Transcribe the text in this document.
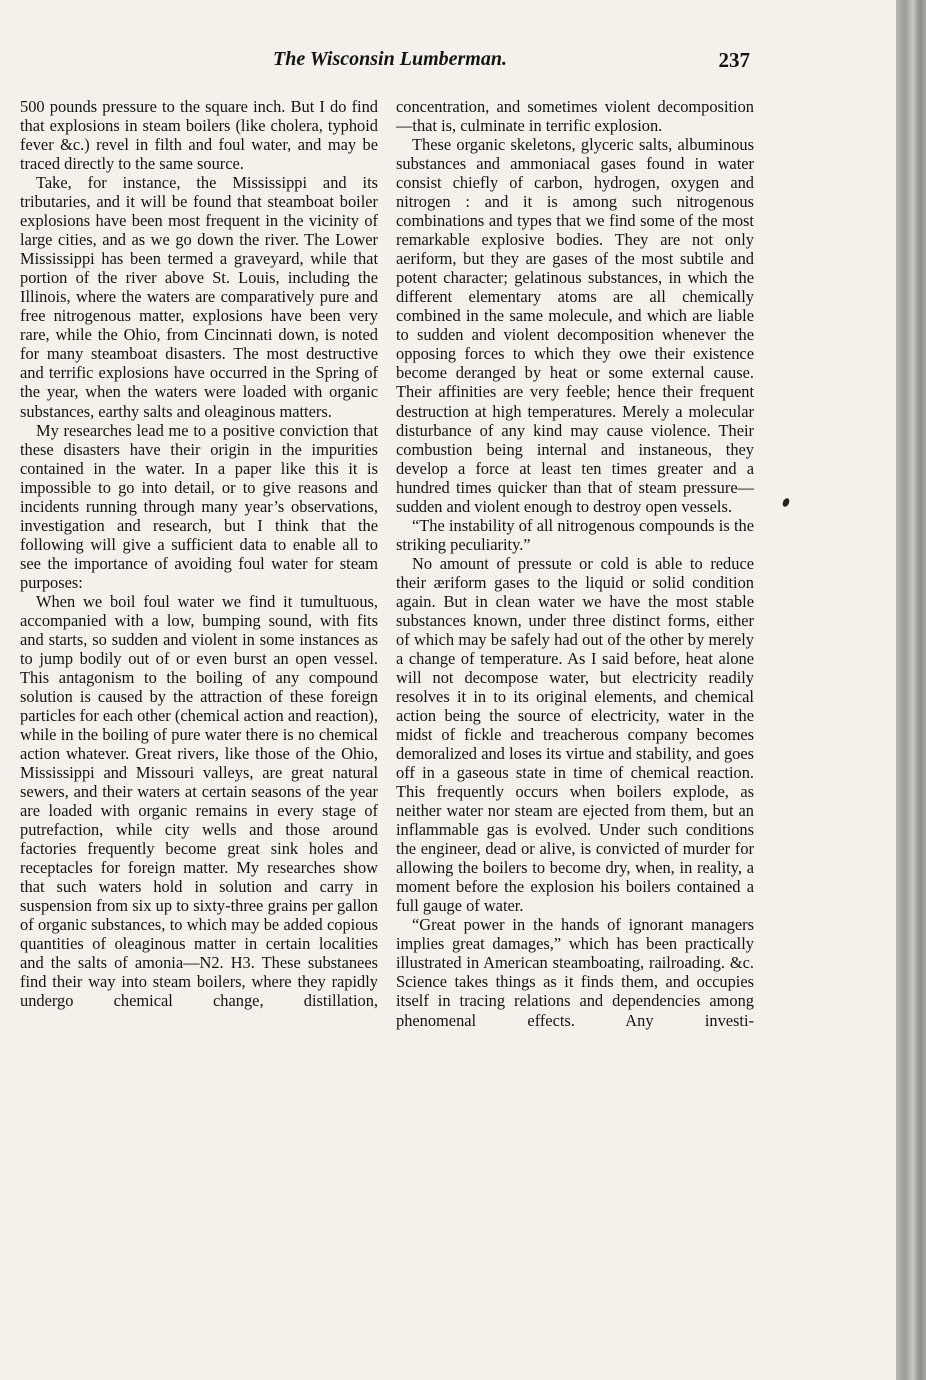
The Wisconsin Lumberman.	237

500 pounds pressure to the square inch. But I do find that explosions in steam boilers (like cholera, typhoid fever &c.) revel in filth and foul water, and may be traced directly to the same source.

Take, for instance, the Mississippi and its tributaries, and it will be found that steamboat boiler explosions have been most frequent in the vicinity of large cities, and as we go down the river. The Lower Mississippi has been termed a graveyard, while that portion of the river above St. Louis, including the Illinois, where the waters are comparatively pure and free nitrogenous matter, explosions have been very rare, while the Ohio, from Cincinnati down, is noted for many steamboat disasters. The most destructive and terrific explosions have occurred in the Spring of the year, when the waters were loaded with organic substances, earthy salts and oleaginous matters.

My researches lead me to a positive conviction that these disasters have their origin in the impurities contained in the water. In a paper like this it is impossible to go into detail, or to give reasons and incidents running through many year’s observations, investigation and research, but I think that the following will give a sufficient data to enable all to see the importance of avoiding foul water for steam purposes:

When we boil foul water we find it tumultuous, accompanied with a low, bumping sound, with fits and starts, so sudden and violent in some instances as to jump bodily out of or even burst an open vessel. This antagonism to the boiling of any compound solution is caused by the attraction of these foreign particles for each other (chemical action and reaction), while in the boiling of pure water there is no chemical action whatever. Great rivers, like those of the Ohio, Mississippi and Missouri valleys, are great natural sewers, and their waters at certain seasons of the year are loaded with organic remains in every stage of putrefaction, while city wells and those around factories frequently become great sink holes and receptacles for foreign matter. My researches show that such waters hold in solution and carry in suspension from six up to sixty-three grains per gallon of organic substances, to which may be added copious quantities of oleaginous matter in certain localities and the salts of amonia—N2. H3. These substanees find their way into steam boilers, where they rapidly undergo chemical change, distillation,

concentration, and sometimes violent decomposition—that is, culminate in terrific explosion.

These organic skeletons, glyceric salts, albuminous substances and ammoniacal gases found in water consist chiefly of carbon, hydrogen, oxygen and nitrogen : and it is among such nitrogenous combinations and types that we find some of the most remarkable explosive bodies. They are not only aeriform, but they are gases of the most subtile and potent character; gelatinous substances, in which the different elementary atoms are all chemically combined in the same molecule, and which are liable to sudden and violent decomposition whenever the opposing forces to which they owe their existence become deranged by heat or some external cause. Their affinities are very feeble; hence their frequent destruction at high temperatures. Merely a molecular disturbance of any kind may cause violence. Their combustion being internal and instaneous, they develop a force at least ten times greater and a hundred times quicker than that of steam pressure—sudden and violent enough to destroy open vessels.

“The instability of all nitrogenous compounds is the striking peculiarity.”

No amount of pressute or cold is able to reduce their æriform gases to the liquid or solid condition again. But in clean water we have the most stable substances known, under three distinct forms, either of which may be safely had out of the other by merely a change of temperature. As I said before, heat alone will not decompose water, but electricity readily resolves it in to its original elements, and chemical action being the source of electricity, water in the midst of fickle and treacherous company becomes demoralized and loses its virtue and stability, and goes off in a gaseous state in time of chemical reaction. This frequently occurs when boilers explode, as neither water nor steam are ejected from them, but an inflammable gas is evolved. Under such conditions the engineer, dead or alive, is convicted of murder for allowing the boilers to become dry, when, in reality, a moment before the explosion his boilers contained a full gauge of water.

“Great power in the hands of ignorant managers implies great damages,” which has been practically illustrated in American steamboating, railroading. &c. Science takes things as it finds them, and occupies itself in tracing relations and dependencies among phenomenal effects. Any investi-
